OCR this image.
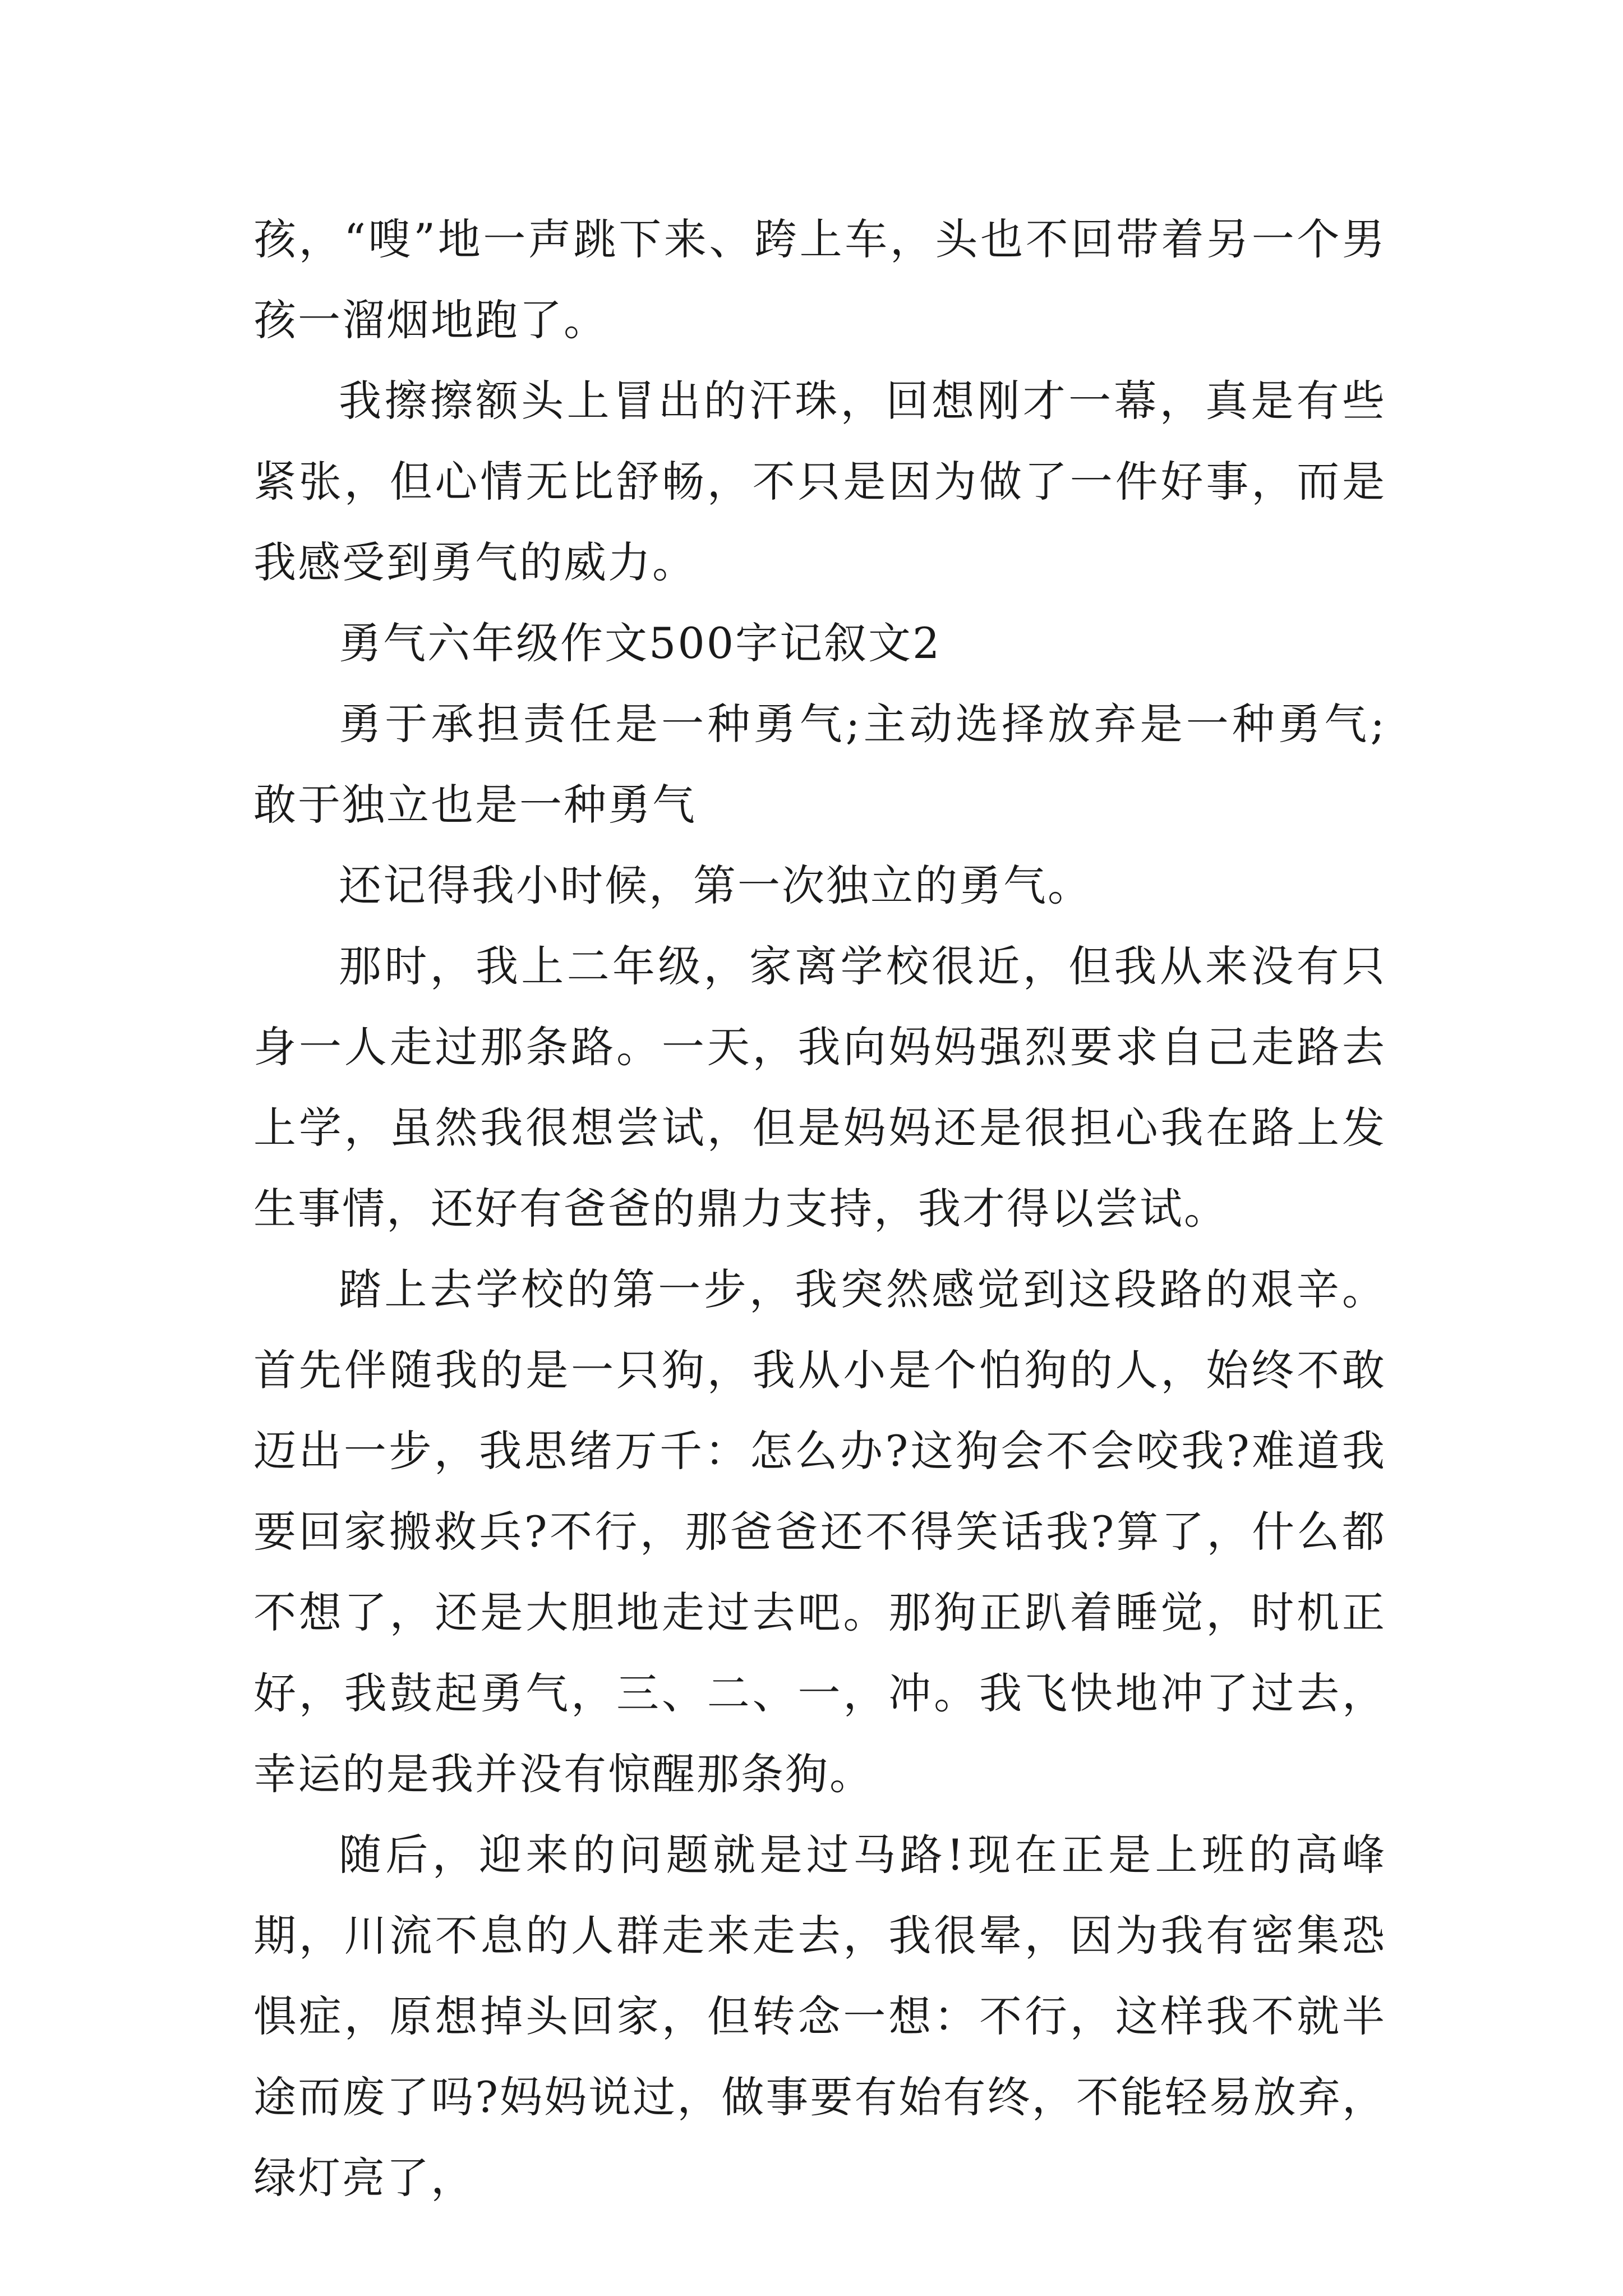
孩，“嗖”地一声跳下来、跨上车，头也不回带着另一个男孩一溜烟地跑了。

我擦擦额头上冒出的汗珠，回想刚才一幕，真是有些紧张，但心情无比舒畅，不只是因为做了一件好事，而是我感受到勇气的威力。

勇气六年级作文500字记叙文2

勇于承担责任是一种勇气;主动选择放弃是一种勇气;敢于独立也是一种勇气

还记得我小时候，第一次独立的勇气。

那时，我上二年级，家离学校很近，但我从来没有只身一人走过那条路。一天，我向妈妈强烈要求自己走路去上学，虽然我很想尝试，但是妈妈还是很担心我在路上发生事情，还好有爸爸的鼎力支持，我才得以尝试。

踏上去学校的第一步，我突然感觉到这段路的艰辛。首先伴随我的是一只狗，我从小是个怕狗的人，始终不敢迈出一步，我思绪万千：怎么办?这狗会不会咬我?难道我要回家搬救兵?不行，那爸爸还不得笑话我?算了，什么都不想了，还是大胆地走过去吧。那狗正趴着睡觉，时机正好，我鼓起勇气，三、二、一，冲。我飞快地冲了过去，幸运的是我并没有惊醒那条狗。

随后，迎来的问题就是过马路!现在正是上班的高峰期，川流不息的人群走来走去，我很晕，因为我有密集恐惧症，原想掉头回家，但转念一想：不行，这样我不就半途而废了吗?妈妈说过，做事要有始有终，不能轻易放弃，绿灯亮了，
